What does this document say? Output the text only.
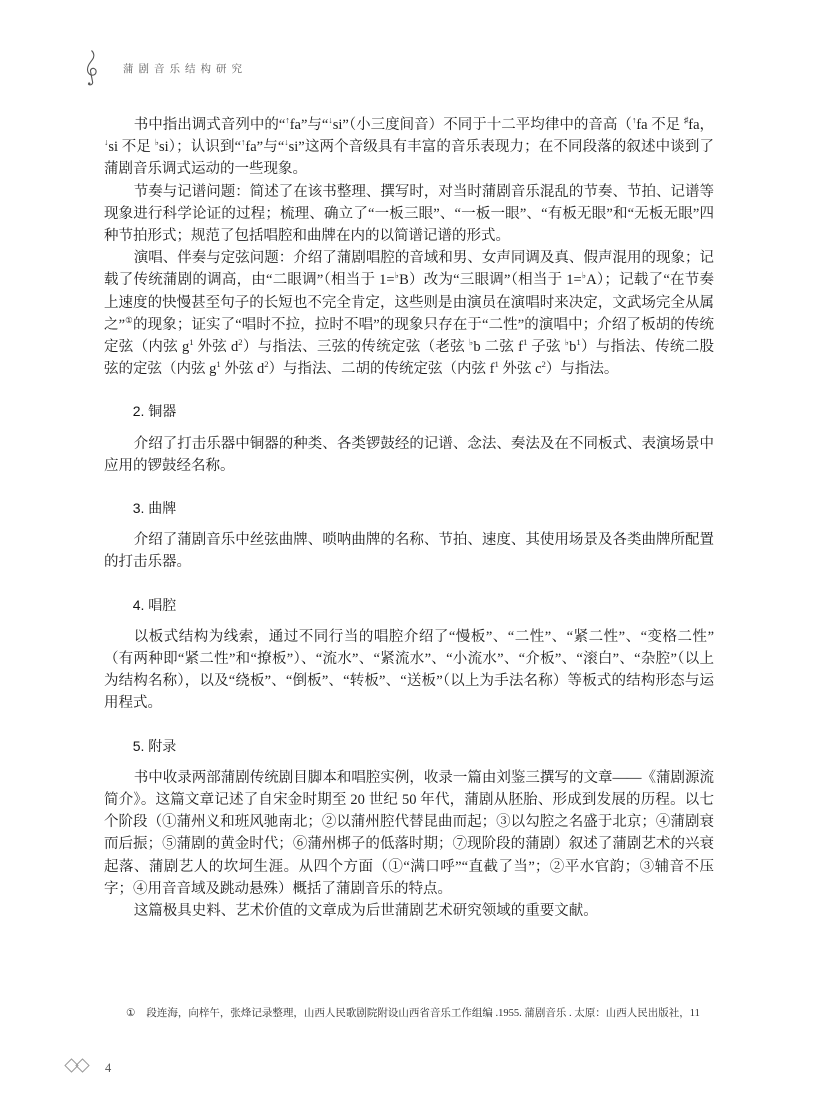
蒲剧音乐结构研究

书中指出调式音列中的“↑fa”与“↓si”（小三度间音）不同于十二平均律中的音高（↑fa 不足 ♯fa，↓si 不足 ♭si）；认识到“↑fa”与“↓si”这两个音级具有丰富的音乐表现力；在不同段落的叙述中谈到了蒲剧音乐调式运动的一些现象。

节奏与记谱问题：简述了在该书整理、撰写时，对当时蒲剧音乐混乱的节奏、节拍、记谱等现象进行科学论证的过程；梳理、确立了“一板三眼”、“一板一眼”、“有板无眼”和“无板无眼”四种节拍形式；规范了包括唱腔和曲牌在内的以简谱记谱的形式。

演唱、伴奏与定弦问题：介绍了蒲剧唱腔的音域和男、女声同调及真、假声混用的现象；记载了传统蒲剧的调高，由“二眼调”（相当于 1=♭B）改为“三眼调”（相当于 1=♭A）；记载了“在节奏上速度的快慢甚至句子的长短也不完全肯定，这些则是由演员在演唱时来决定，文武场完全从属之”①的现象；证实了“唱时不拉，拉时不唱”的现象只存在于“二性”的演唱中；介绍了板胡的传统定弦（内弦 $g^1$ 外弦 $d^2$）与指法、三弦的传统定弦（老弦 ♭b 二弦 $f^1$ 子弦 $^♭b^1$）与指法、传统二股弦的定弦（内弦 $g^1$ 外弦 $d^2$）与指法、二胡的传统定弦（内弦 $f^1$ 外弦 $c^2$）与指法。

2. 铜器

介绍了打击乐器中铜器的种类、各类锣鼓经的记谱、念法、奏法及在不同板式、表演场景中应用的锣鼓经名称。

3. 曲牌

介绍了蒲剧音乐中丝弦曲牌、唢呐曲牌的名称、节拍、速度、其使用场景及各类曲牌所配置的打击乐器。

4. 唱腔

以板式结构为线索，通过不同行当的唱腔介绍了“慢板”、“二性”、“紧二性”、“变格二性”（有两种即“紧二性”和“撩板”）、“流水”、“紧流水”、“小流水”、“介板”、“滚白”、“杂腔”（以上为结构名称），以及“绕板”、“倒板”、“转板”、“送板”（以上为手法名称）等板式的结构形态与运用程式。

5. 附录

书中收录两部蒲剧传统剧目脚本和唱腔实例，收录一篇由刘鉴三撰写的文章——《蒲剧源流简介》。这篇文章记述了自宋金时期至 20 世纪 50 年代，蒲剧从胚胎、形成到发展的历程。以七个阶段（①蒲州义和班风驰南北；②以蒲州腔代替昆曲而起；③以勾腔之名盛于北京；④蒲剧衰而后振；⑤蒲剧的黄金时代；⑥蒲州梆子的低落时期；⑦现阶段的蒲剧）叙述了蒲剧艺术的兴衰起落、蒲剧艺人的坎坷生涯。从四个方面（①“满口呼”“直截了当”；②平水官韵；③辅音不压字；④用音音域及跳动悬殊）概括了蒲剧音乐的特点。

这篇极具史料、艺术价值的文章成为后世蒲剧艺术研究领域的重要文献。

① 段连海，向梓午，张烽记录整理，山西人民歌剧院附设山西省音乐工作组编 .1955. 蒲剧音乐 . 太原：山西人民出版社，11
4
